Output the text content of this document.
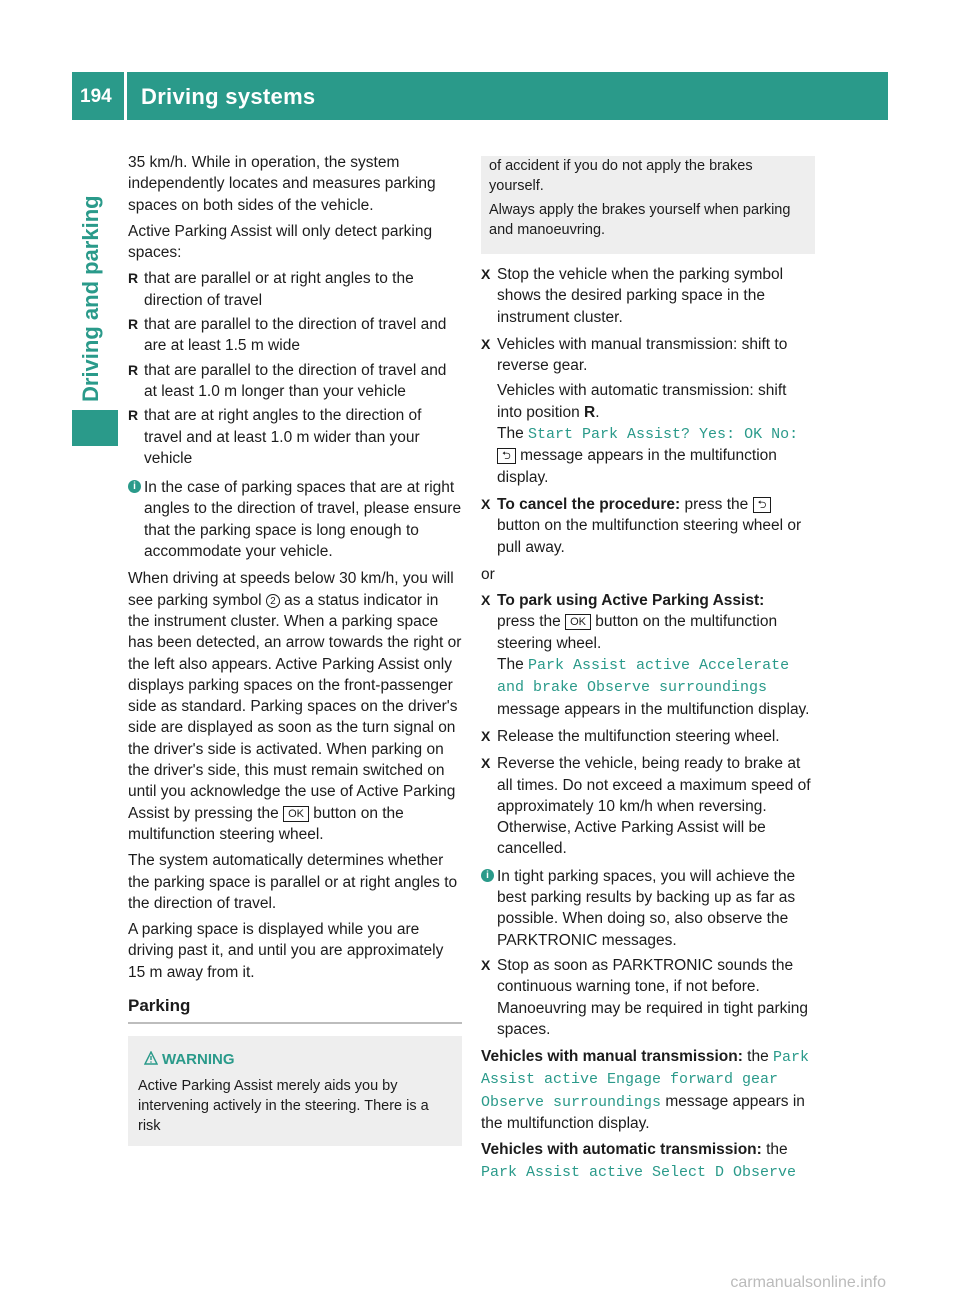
194	Driving systems
Driving and parking

35 km/h. While in operation, the system independently locates and measures parking spaces on both sides of the vehicle.

Active Parking Assist will only detect parking spaces:

R that are parallel or at right angles to the direction of travel
R that are parallel to the direction of travel and are at least 1.5 m wide
R that are parallel to the direction of travel and at least 1.0 m longer than your vehicle
R that are at right angles to the direction of travel and at least 1.0 m wider than your vehicle
i In the case of parking spaces that are at right angles to the direction of travel, please ensure that the parking space is long enough to accommodate your vehicle.

When driving at speeds below 30 km/h, you will see parking symbol 2 as a status indicator in the instrument cluster. When a parking space has been detected, an arrow towards the right or the left also appears. Active Parking Assist only displays parking spaces on the front-passenger side as standard. Parking spaces on the driver's side are displayed as soon as the turn signal on the driver's side is activated. When parking on the driver's side, this must remain switched on until you acknowledge the use of Active Parking Assist by pressing the OK button on the multifunction steering wheel.

The system automatically determines whether the parking space is parallel or at right angles to the direction of travel.

A parking space is displayed while you are driving past it, and until you are approximately 15 m away from it.

Parking
WARNING

Active Parking Assist merely aids you by intervening actively in the steering. There is a risk

of accident if you do not apply the brakes yourself.

Always apply the brakes yourself when parking and manoeuvring.

X Stop the vehicle when the parking symbol shows the desired parking space in the instrument cluster.
X Vehicles with manual transmission: shift to reverse gear.

Vehicles with automatic transmission: shift into position R.
The Start Park Assist? Yes: OK No:
⮌ message appears in the multifunction display.

X To cancel the procedure: press the ⮌ button on the multifunction steering wheel or pull away.

or

X To park using Active Parking Assist:
press the OK button on the multifunction steering wheel.
The Park Assist active Accelerate and brake Observe surroundings message appears in the multifunction display.
X Release the multifunction steering wheel.
X Reverse the vehicle, being ready to brake at all times. Do not exceed a maximum speed of approximately 10 km/h when reversing. Otherwise, Active Parking Assist will be cancelled.
i In tight parking spaces, you will achieve the best parking results by backing up as far as possible. When doing so, also observe the PARKTRONIC messages.
X Stop as soon as PARKTRONIC sounds the continuous warning tone, if not before. Manoeuvring may be required in tight parking spaces.

Vehicles with manual transmission: the Park Assist active Engage forward gear Observe surroundings message appears in the multifunction display.

Vehicles with automatic transmission: the Park Assist active Select D Observe

carmanualsonline.info
